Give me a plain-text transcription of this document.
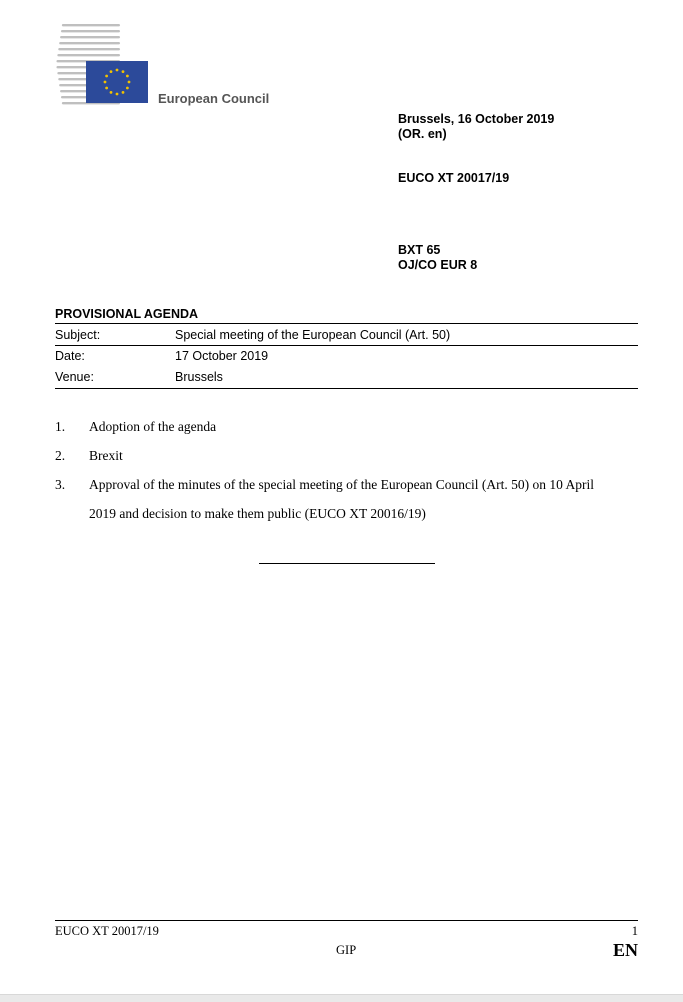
European Council
Brussels, 16 October 2019
(OR. en)
EUCO XT 20017/19
BXT 65
OJ/CO EUR 8
PROVISIONAL AGENDA
Subject:	Special meeting of the European Council (Art. 50)
Date:	17 October 2019
Venue:	Brussels
1. Adoption of the agenda
2. Brexit
3. Approval of the minutes of the special meeting of the European Council (Art. 50) on 10 April 2019 and decision to make them public (EUCO XT 20016/19)
EUCO XT 20017/19	1
GIP	EN
